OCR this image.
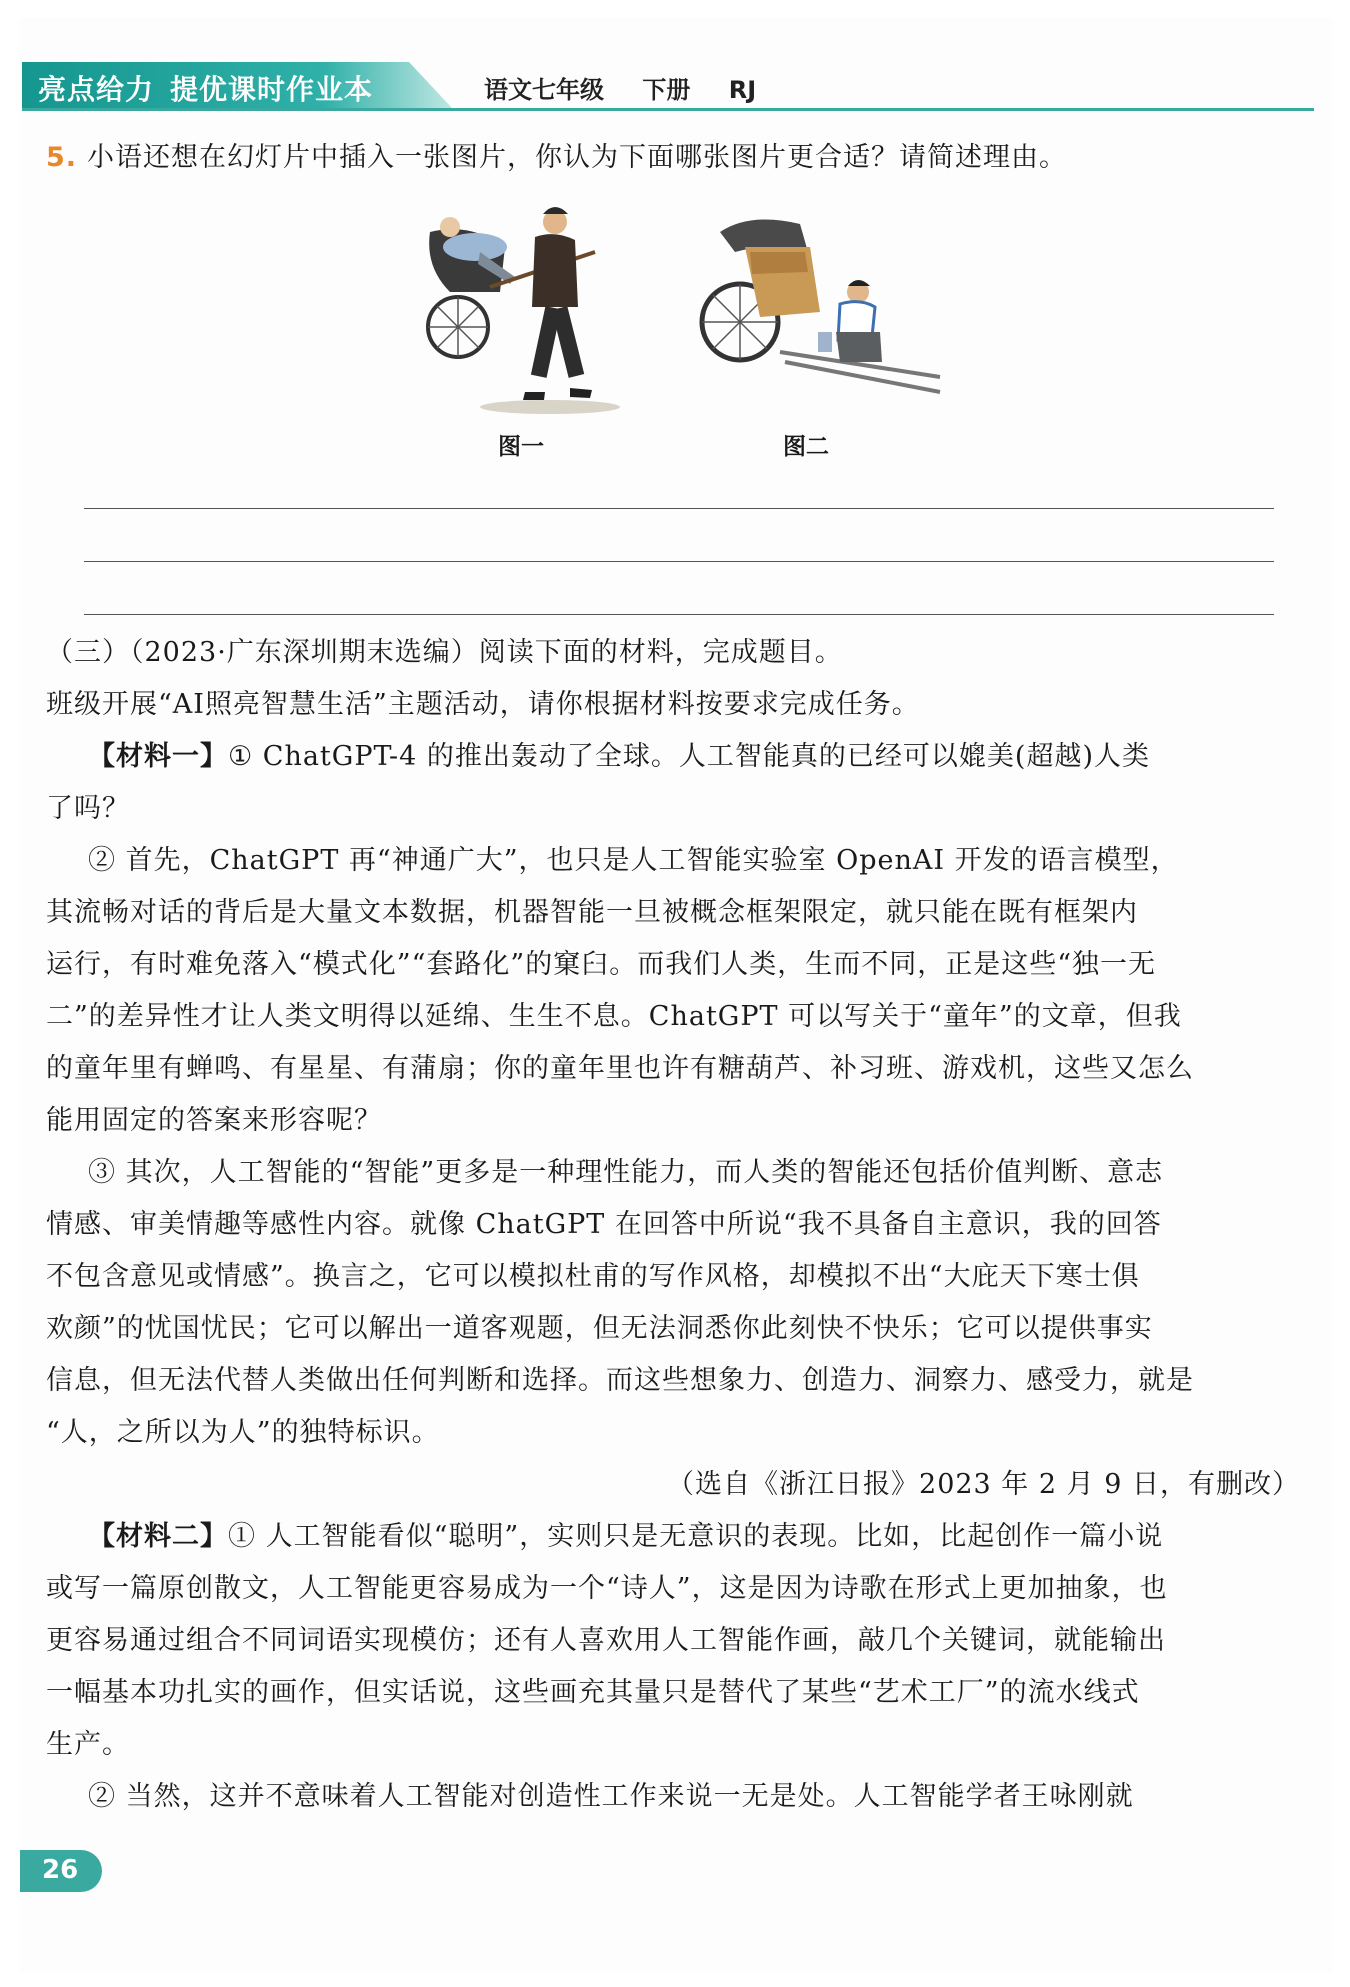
亮点给力 提优课时作业本	语文七年级 下册 RJ
5. 小语还想在幻灯片中插入一张图片，你认为下面哪张图片更合适？请简述理由。
图一	图二
（三）（2023·广东深圳期末选编）阅读下面的材料，完成题目。
班级开展“AI照亮智慧生活”主题活动，请你根据材料按要求完成任务。
【材料一】① ChatGPT-4 的推出轰动了全球。人工智能真的已经可以媲美(超越)人类
了吗？
② 首先，ChatGPT 再“神通广大”，也只是人工智能实验室 OpenAI 开发的语言模型，
其流畅对话的背后是大量文本数据，机器智能一旦被概念框架限定，就只能在既有框架内
运行，有时难免落入“模式化”“套路化”的窠臼。而我们人类，生而不同，正是这些“独一无
二”的差异性才让人类文明得以延绵、生生不息。ChatGPT 可以写关于“童年”的文章，但我
的童年里有蝉鸣、有星星、有蒲扇；你的童年里也许有糖葫芦、补习班、游戏机，这些又怎么
能用固定的答案来形容呢？
③ 其次，人工智能的“智能”更多是一种理性能力，而人类的智能还包括价值判断、意志
情感、审美情趣等感性内容。就像 ChatGPT 在回答中所说“我不具备自主意识，我的回答
不包含意见或情感”。换言之，它可以模拟杜甫的写作风格，却模拟不出“大庇天下寒士俱
欢颜”的忧国忧民；它可以解出一道客观题，但无法洞悉你此刻快不快乐；它可以提供事实
信息，但无法代替人类做出任何判断和选择。而这些想象力、创造力、洞察力、感受力，就是
“人，之所以为人”的独特标识。
（选自《浙江日报》2023 年 2 月 9 日，有删改）
【材料二】① 人工智能看似“聪明”，实则只是无意识的表现。比如，比起创作一篇小说
或写一篇原创散文，人工智能更容易成为一个“诗人”，这是因为诗歌在形式上更加抽象，也
更容易通过组合不同词语实现模仿；还有人喜欢用人工智能作画，敲几个关键词，就能输出
一幅基本功扎实的画作，但实话说，这些画充其量只是替代了某些“艺术工厂”的流水线式
生产。
② 当然，这并不意味着人工智能对创造性工作来说一无是处。人工智能学者王咏刚就
26
